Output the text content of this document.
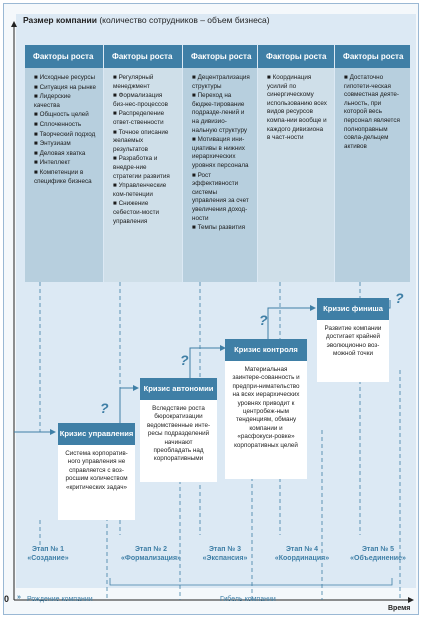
Размер компании (количество сотрудников – объем бизнеса)
Факторы роста	Факторы роста	Факторы роста	Факторы роста	Факторы роста
■ Исходные ресурсы
■ Ситуация на рынке
■ Лидерские качества
■ Общность целей
■ Сплоченность
■ Творческий подход
■ Энтузиазм
■ Деловая хватка
■ Интеллект
■ Компетенции в специфике бизнеса
■ Регулярный менеджмент
■ Формализация биз-нес-процессов
■ Распределение ответ-ственности
■ Точное описание желаемых результатов
■ Разработка и внедре-ние стратегии развития
■ Управленческие ком-петенции
■ Снижение себестои-мости управления
■ Децентрализация структуры
■ Переход на бюдже-тирование подразде-лений и на дивизио-нальную структуру
■ Мотивация ини-циативы в нижних иерархических уровнях персонала
■ Рост эффективности системы управления за счет увеличения доход-ности
■ Темпы развития
■ Координация усилий по синергическому использованию всех видов ресурсов компа-нии вообще и каждого дивизиона в част-ности
■ Достаточно гипотети-ческая совместная деяте-льность, при которой весь персонал является полноправным совла-дельцем активов
Кризис управления
Система корпоратив-ного управления не справляется с воз-росшим количеством «критических задач»
Кризис автономии
Вследствие роста бюрократизации ведомственные инте-ресы подразделений начинают преобладать над корпоративными
Кризис контроля
Материальная заинтере-сованность и предпри-нимательство на всех иерархических уровнях приводит к центробеж-ным тенденциям, обману компании и «расфокуси-ровке» корпоративных целей
Кризис финиша
Развитие компании достигает крайней эволюционно воз-можной точки
?
?
?
?
Этап № 1
«Создание»
Этап № 2
«Формализация»
Этап № 3
«Экспансия»
Этап № 4
«Координация»
Этап № 5
«Объединение»
0 » Рождение компании	Гибель компании
Время
